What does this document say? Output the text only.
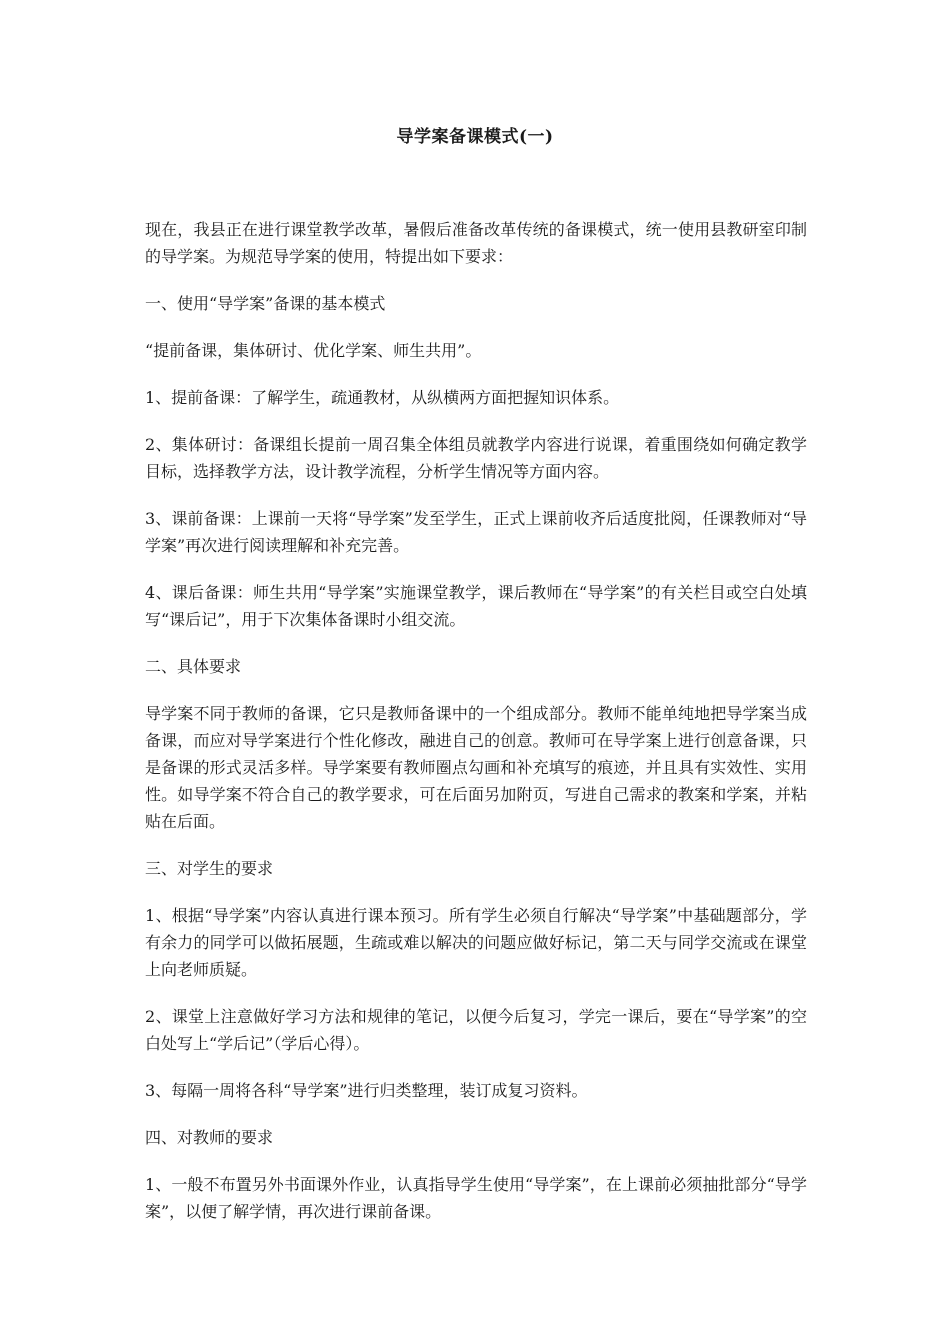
导学案备课模式(一)

现在，我县正在进行课堂教学改革，暑假后准备改革传统的备课模式，统一使用县教研室印制的导学案。为规范导学案的使用，特提出如下要求：

一、使用“导学案”备课的基本模式

“提前备课，集体研讨、优化学案、师生共用”。

1、提前备课：了解学生，疏通教材，从纵横两方面把握知识体系。

2、集体研讨：备课组长提前一周召集全体组员就教学内容进行说课，着重围绕如何确定教学目标，选择教学方法，设计教学流程，分析学生情况等方面内容。

3、课前备课：上课前一天将“导学案”发至学生，正式上课前收齐后适度批阅，任课教师对“导学案”再次进行阅读理解和补充完善。

4、课后备课：师生共用“导学案”实施课堂教学，课后教师在“导学案”的有关栏目或空白处填写“课后记”，用于下次集体备课时小组交流。

二、具体要求

导学案不同于教师的备课，它只是教师备课中的一个组成部分。教师不能单纯地把导学案当成备课，而应对导学案进行个性化修改，融进自己的创意。教师可在导学案上进行创意备课，只是备课的形式灵活多样。导学案要有教师圈点勾画和补充填写的痕迹，并且具有实效性、实用性。如导学案不符合自己的教学要求，可在后面另加附页，写进自己需求的教案和学案，并粘贴在后面。

三、对学生的要求

1、根据“导学案”内容认真进行课本预习。所有学生必须自行解决“导学案”中基础题部分，学有余力的同学可以做拓展题，生疏或难以解决的问题应做好标记，第二天与同学交流或在课堂上向老师质疑。

2、课堂上注意做好学习方法和规律的笔记，以便今后复习，学完一课后，要在“导学案”的空白处写上“学后记”（学后心得）。

3、每隔一周将各科“导学案”进行归类整理，装订成复习资料。

四、对教师的要求

1、一般不布置另外书面课外作业，认真指导学生使用“导学案”，在上课前必须抽批部分“导学案”，以便了解学情，再次进行课前备课。
